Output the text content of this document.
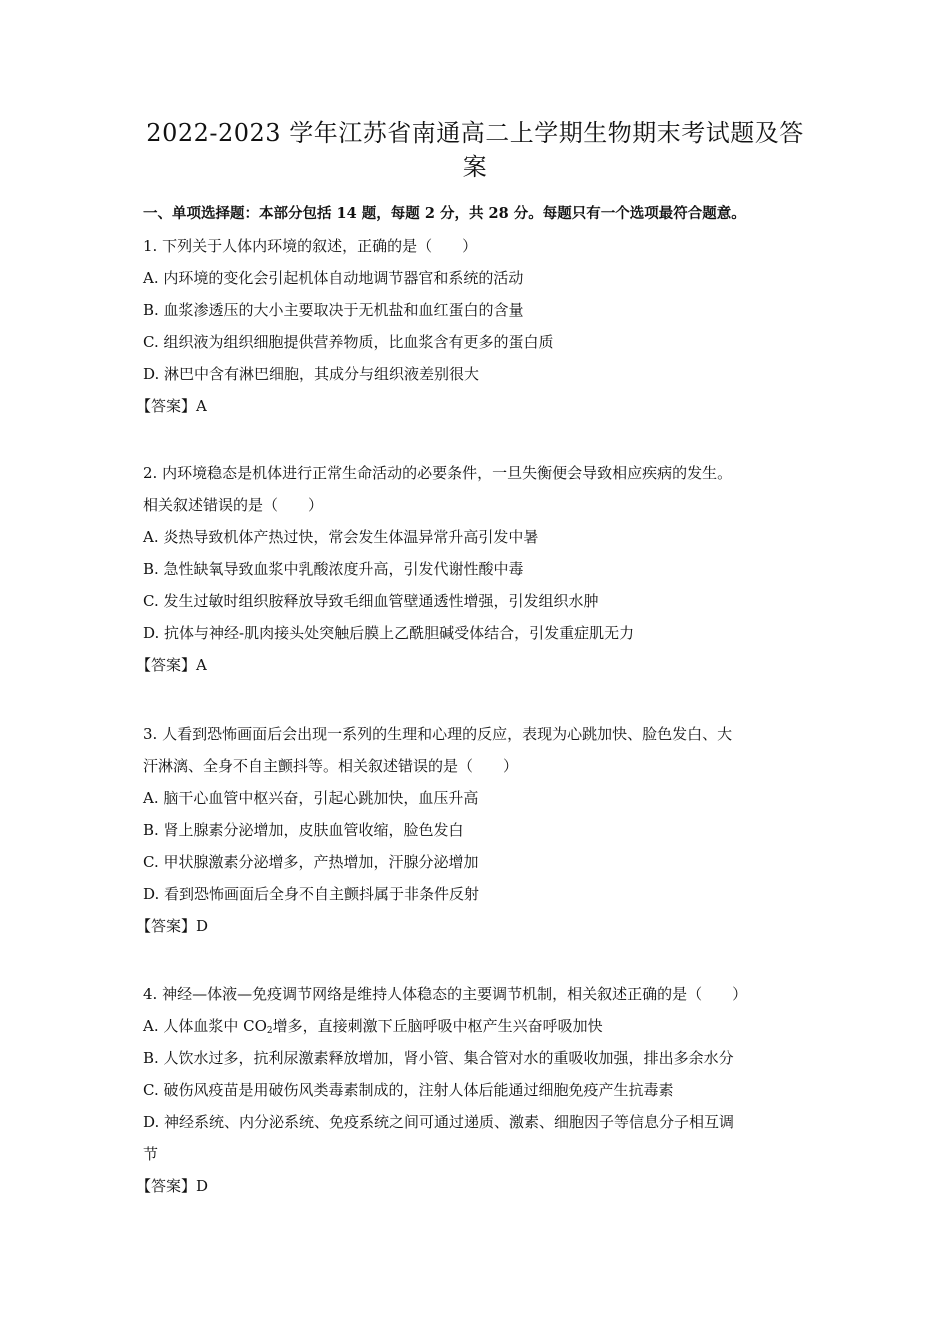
2022-2023 学年江苏省南通高二上学期生物期末考试题及答
案
一、单项选择题：本部分包括 14 题，每题 2 分，共 28 分。每题只有一个选项最符合题意。
1. 下列关于人体内环境的叙述，正确的是（　　）
A. 内环境的变化会引起机体自动地调节器官和系统的活动
B. 血浆渗透压的大小主要取决于无机盐和血红蛋白的含量
C. 组织液为组织细胞提供营养物质，比血浆含有更多的蛋白质
D. 淋巴中含有淋巴细胞，其成分与组织液差别很大
【答案】A
2. 内环境稳态是机体进行正常生命活动的必要条件，一旦失衡便会导致相应疾病的发生。
相关叙述错误的是（　　）
A. 炎热导致机体产热过快，常会发生体温异常升高引发中暑
B. 急性缺氧导致血浆中乳酸浓度升高，引发代谢性酸中毒
C. 发生过敏时组织胺释放导致毛细血管壁通透性增强，引发组织水肿
D. 抗体与神经-肌肉接头处突触后膜上乙酰胆碱受体结合，引发重症肌无力
【答案】A
3. 人看到恐怖画面后会出现一系列的生理和心理的反应，表现为心跳加快、脸色发白、大
汗淋漓、全身不自主颤抖等。相关叙述错误的是（　　）
A. 脑干心血管中枢兴奋，引起心跳加快，血压升高
B. 肾上腺素分泌增加，皮肤血管收缩，脸色发白
C. 甲状腺激素分泌增多，产热增加，汗腺分泌增加
D. 看到恐怖画面后全身不自主颤抖属于非条件反射
【答案】D
4. 神经—体液—免疫调节网络是维持人体稳态的主要调节机制，相关叙述正确的是（　　）
A. 人体血浆中 $CO_2$增多，直接刺激下丘脑呼吸中枢产生兴奋呼吸加快
B. 人饮水过多，抗利尿激素释放增加，肾小管、集合管对水的重吸收加强，排出多余水分
C. 破伤风疫苗是用破伤风类毒素制成的，注射人体后能通过细胞免疫产生抗毒素
D. 神经系统、内分泌系统、免疫系统之间可通过递质、激素、细胞因子等信息分子相互调
节
【答案】D
